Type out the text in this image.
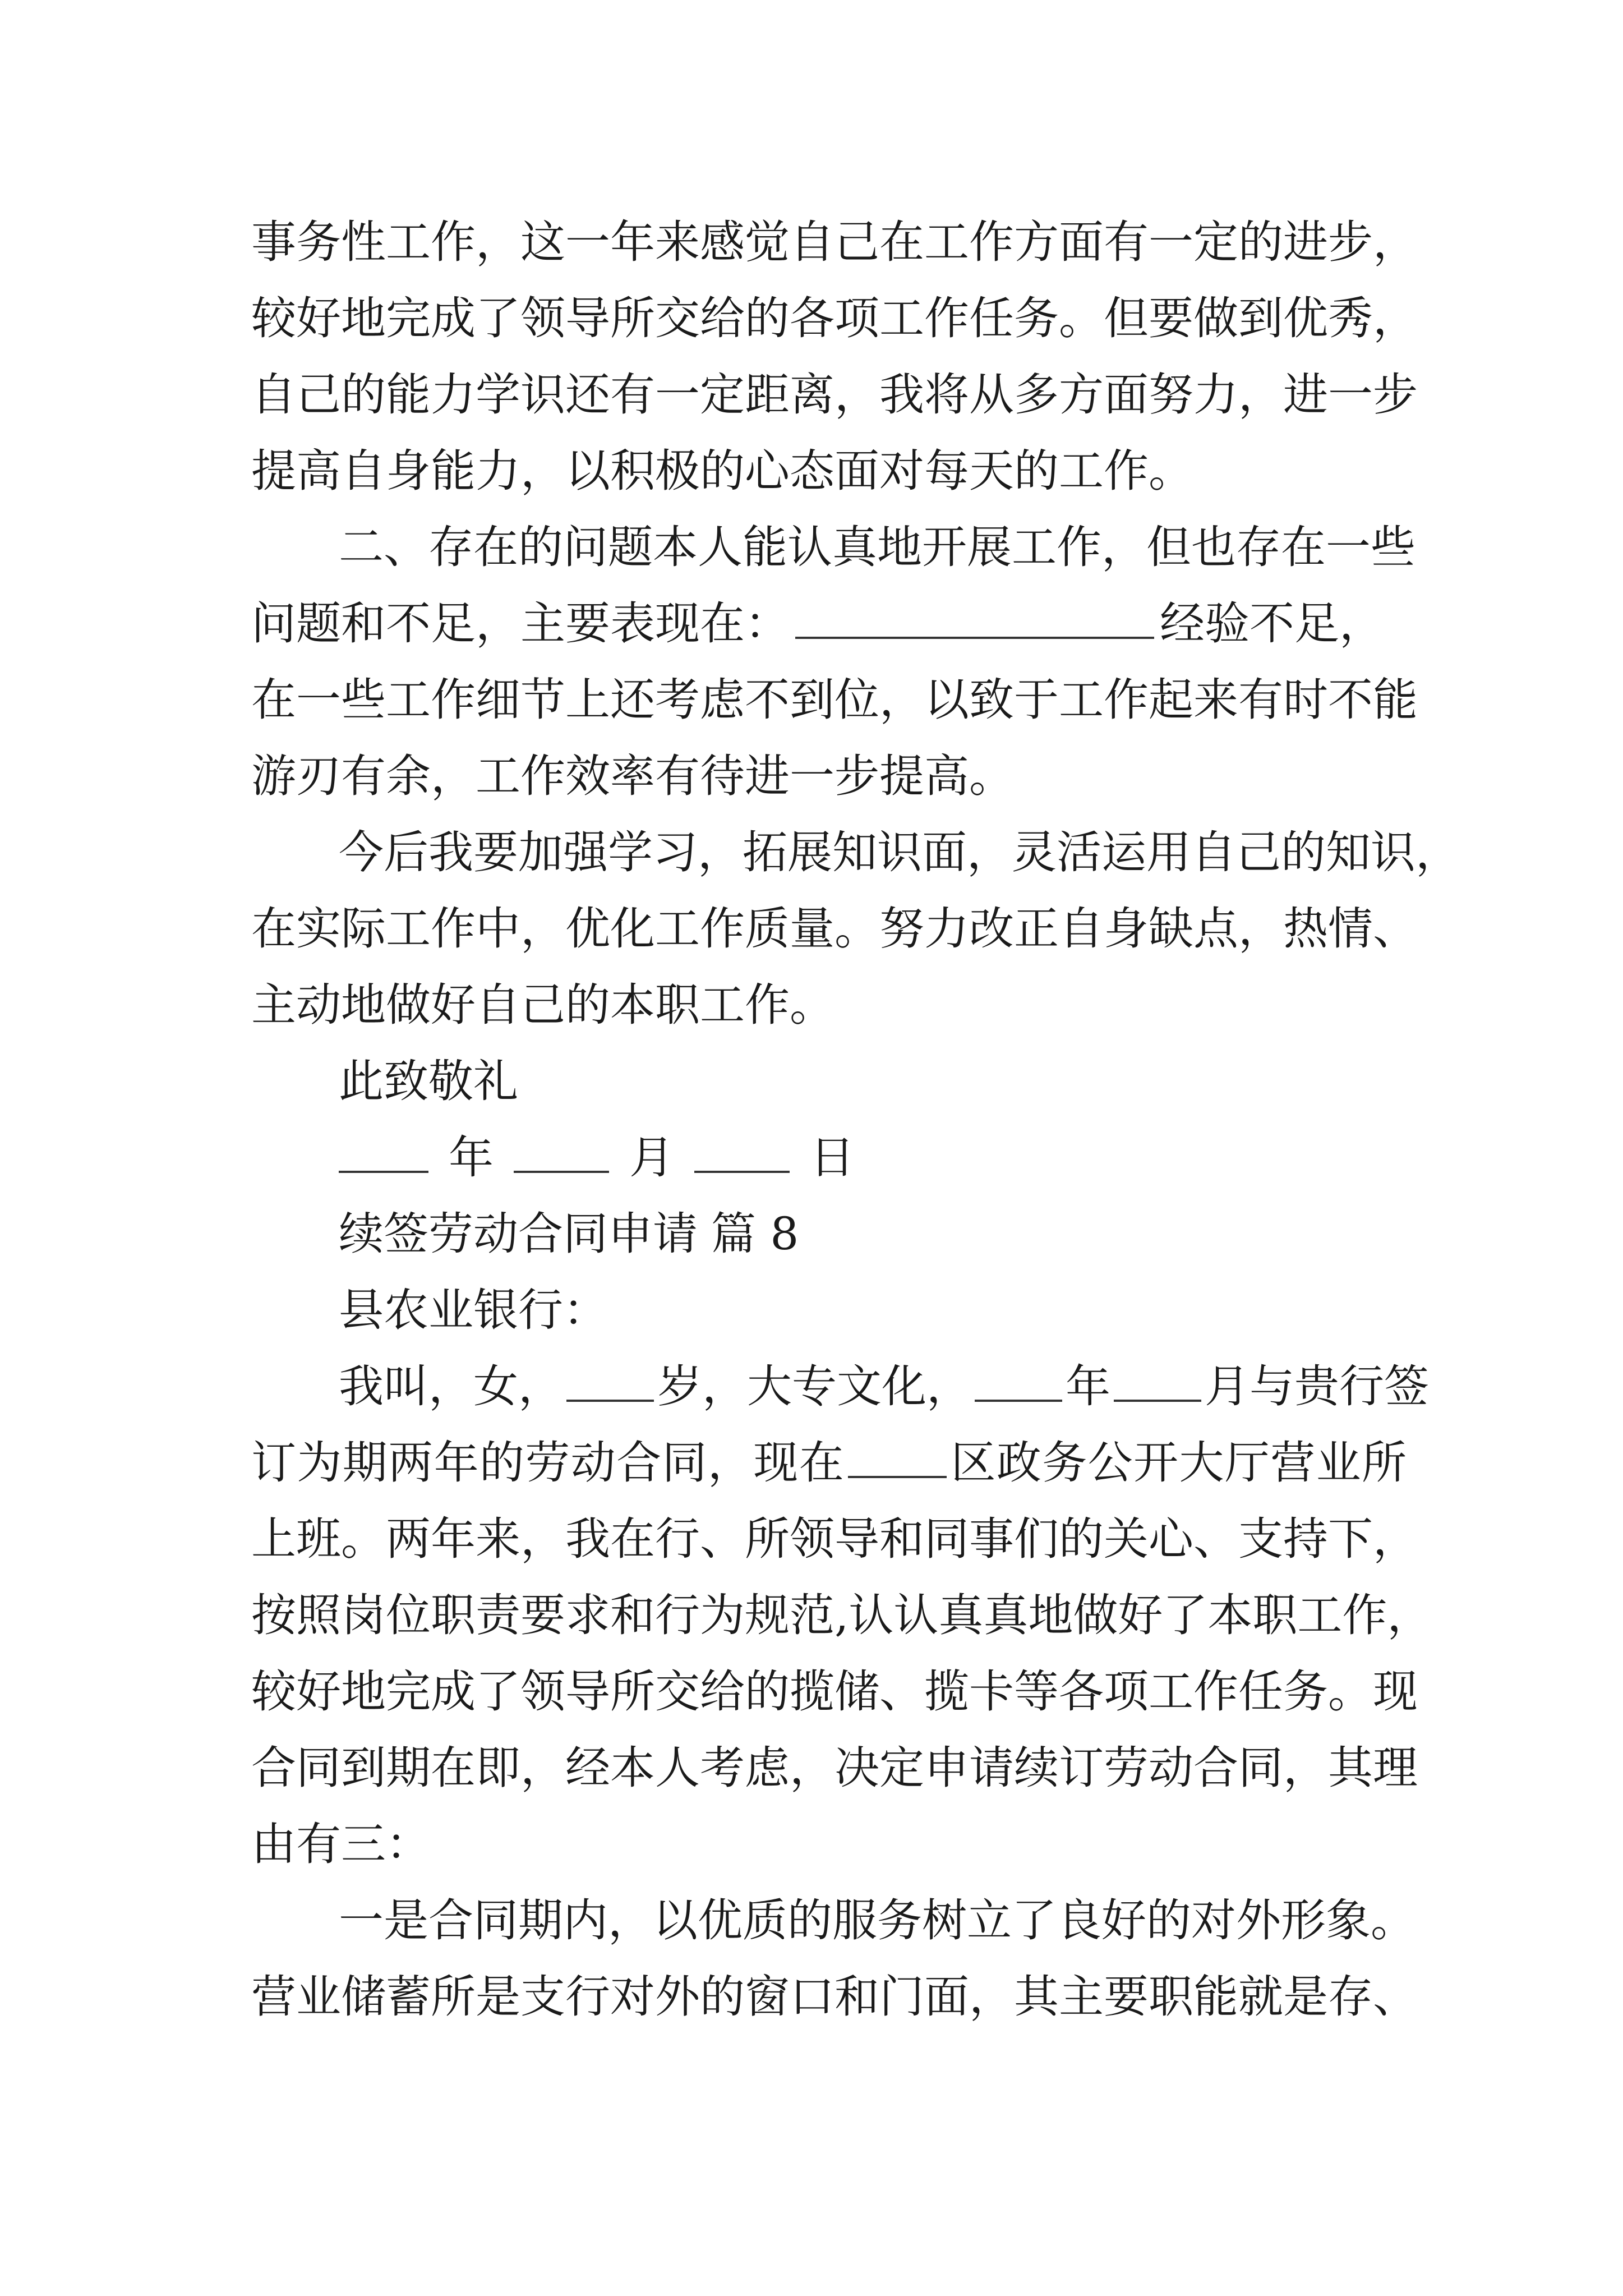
事务性工作，这一年来感觉自己在工作方面有一定的进步，
较好地完成了领导所交给的各项工作任务。但要做到优秀，
自己的能力学识还有一定距离，我将从多方面努力，进一步
提高自身能力，以积极的心态面对每天的工作。
二、存在的问题本人能认真地开展工作，但也存在一些
问题和不足，主要表现在：	经验不足，
在一些工作细节上还考虑不到位，以致于工作起来有时不能
游刃有余，工作效率有待进一步提高。
今后我要加强学习，拓展知识面，灵活运用自己的知识，
在实际工作中，优化工作质量。努力改正自身缺点，热情、
主动地做好自己的本职工作。
此致敬礼
年	月	日
续签劳动合同申请 篇 8
县农业银行：
我叫，女， 岁，大专文化， 年 月与贵行签
订为期两年的劳动合同，现在 区政务公开大厅营业所
上班。两年来，我在行、所领导和同事们的关心、支持下，
按照岗位职责要求和行为规范,认认真真地做好了本职工作，
较好地完成了领导所交给的揽储、揽卡等各项工作任务。现
合同到期在即，经本人考虑，决定申请续订劳动合同，其理
由有三：
一是合同期内，以优质的服务树立了良好的对外形象。
营业储蓄所是支行对外的窗口和门面，其主要职能就是存、
